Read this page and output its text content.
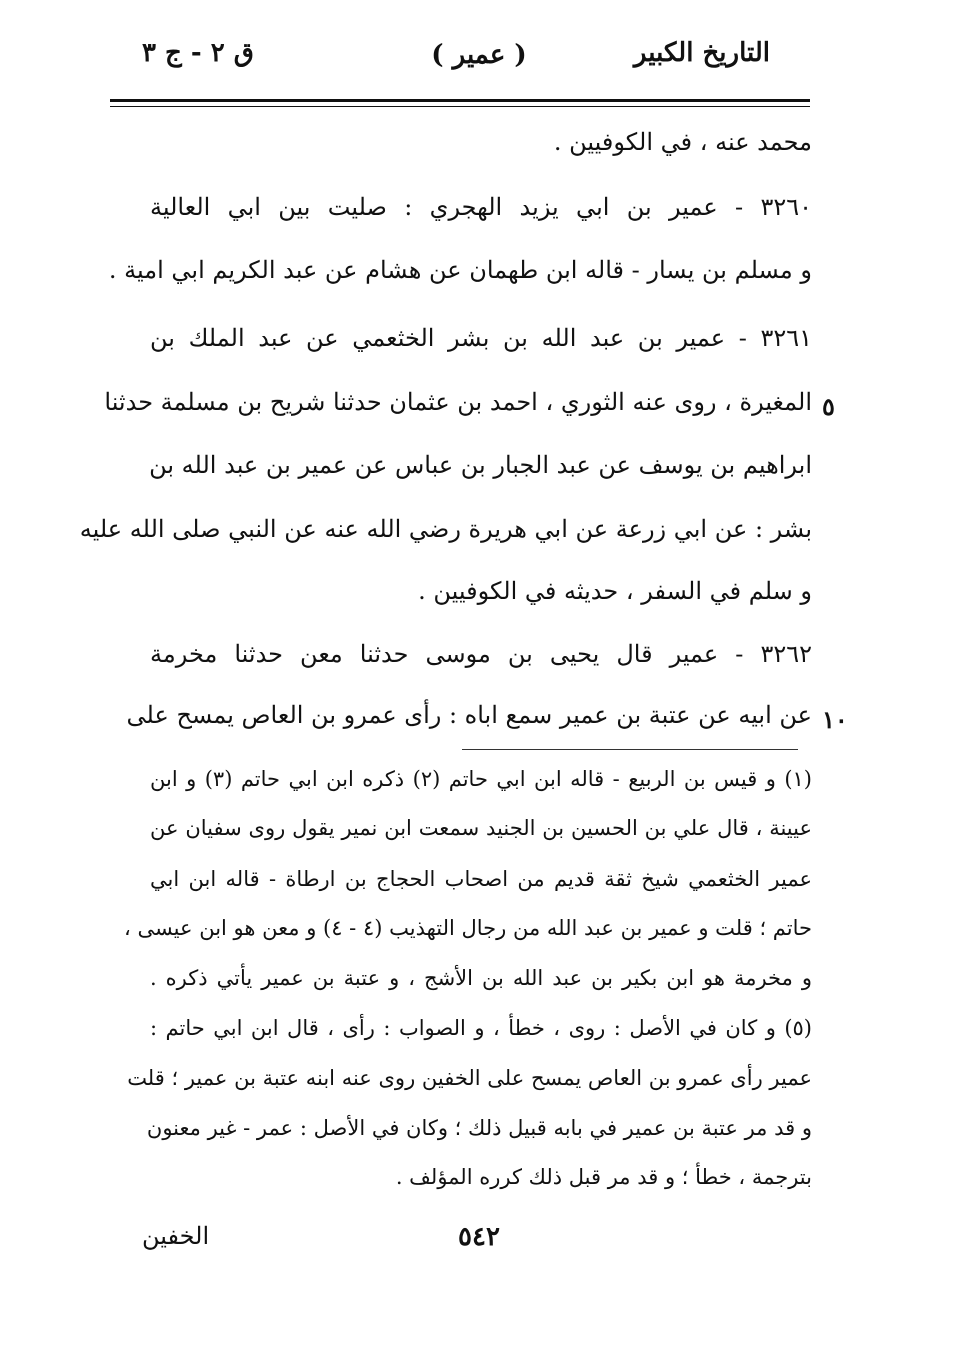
التاريخ الكبير
( عمير )
ق ٢ - ج ٣
محمد عنه ، في الكوفيين .
٣٢٦٠ - عمير بن ابي يزيد الهجري : صليت بين ابي العالية
و مسلم بن يسار - قاله ابن طهمان عن هشام عن عبد الكريم ابي امية .
٣٢٦١ - عمير بن عبد الله بن بشر الخثعمي عن عبد الملك بن
المغيرة ، روى عنه الثوري ، احمد بن عثمان حدثنا شريح بن مسلمة حدثنا
ابراهيم بن يوسف عن عبد الجبار بن عباس عن عمير بن عبد الله بن
بشر : عن ابي زرعة عن ابي هريرة رضي الله عنه عن النبي صلى الله عليه
و سلم في السفر ، حديثه في الكوفيين .
٣٢٦٢ - عمير قال يحيى بن موسى حدثنا معن حدثنا مخرمة
عن ابيه عن عتبة بن عمير سمع اباه : رأى عمرو بن العاص يمسح على
٥
١٠
(١) و قيس بن الربيع - قاله ابن ابي حاتم (٢) ذكره ابن ابي حاتم (٣) و ابن
عيينة ، قال علي بن الحسين بن الجنيد سمعت ابن نمير يقول روى سفيان عن
عمير الخثعمي شيخ ثقة قديم من اصحاب الحجاج بن ارطاة - قاله ابن ابي
حاتم ؛ قلت و عمير بن عبد الله من رجال التهذيب (٤ - ٤) و معن هو ابن عيسى ،
و مخرمة هو ابن بكير بن عبد الله بن الأشج ، و عتبة بن عمير يأتي ذكره .
(٥) و كان في الأصل : روى ، خطأ ، و الصواب : رأى ، قال ابن ابي حاتم :
عمير رأى عمرو بن العاص يمسح على الخفين روى عنه ابنه عتبة بن عمير ؛ قلت
و قد مر عتبة بن عمير في بابه قبيل ذلك ؛ وكان في الأصل : عمر - غير معنون
بترجمة ، خطأ ؛ و قد مر قبل ذلك كرره المؤلف .
٥٤٢
الخفين
